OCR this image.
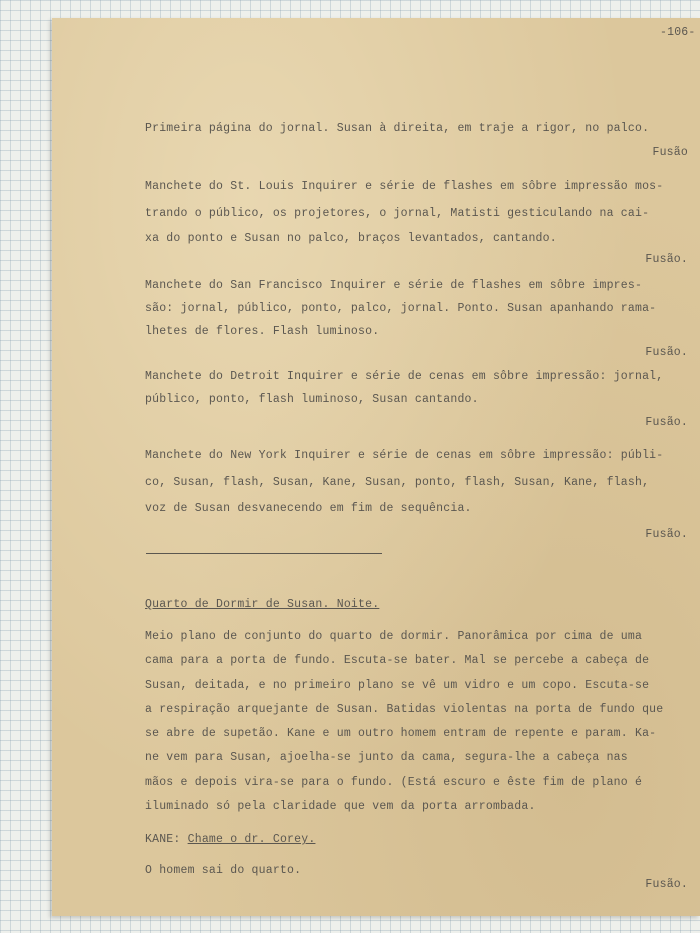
-106-
Primeira página do jornal. Susan à direita, em traje a rigor, no palco.
Fusão
Manchete do St. Louis Inquirer e série de flashes em sôbre impressão mos-
trando o público, os projetores, o jornal, Matisti gesticulando na cai-
xa do ponto e Susan no palco, braços levantados, cantando.
Fusão.
Manchete do San Francisco Inquirer e série de flashes em sôbre impres-
são: jornal, público, ponto, palco, jornal. Ponto. Susan apanhando rama-
lhetes de flores. Flash luminoso.
Fusão.
Manchete do Detroit Inquirer e série de cenas em sôbre impressão: jornal,
público, ponto, flash luminoso, Susan cantando.
Fusão.
Manchete do New York Inquirer e série de cenas em sôbre impressão: públi-
co, Susan, flash, Susan, Kane, Susan, ponto, flash, Susan, Kane, flash,
voz de Susan desvanecendo em fim de sequência.
Fusão.
Quarto de Dormir de Susan. Noite.
Meio plano de conjunto do quarto de dormir. Panorâmica por cima de uma
cama para a porta de fundo. Escuta-se bater. Mal se percebe a cabeça de
Susan, deitada, e no primeiro plano se vê um vidro e um copo. Escuta-se
a respiração arquejante de Susan. Batidas violentas na porta de fundo que
se abre de supetão. Kane e um outro homem entram de repente e param. Ka-
ne vem para Susan, ajoelha-se junto da cama, segura-lhe a cabeça nas
mãos e depois vira-se para o fundo. (Está escuro e êste fim de plano é
iluminado só pela claridade que vem da porta arrombada.
KANE: Chame o dr. Corey.
O homem sai do quarto.
Fusão.
